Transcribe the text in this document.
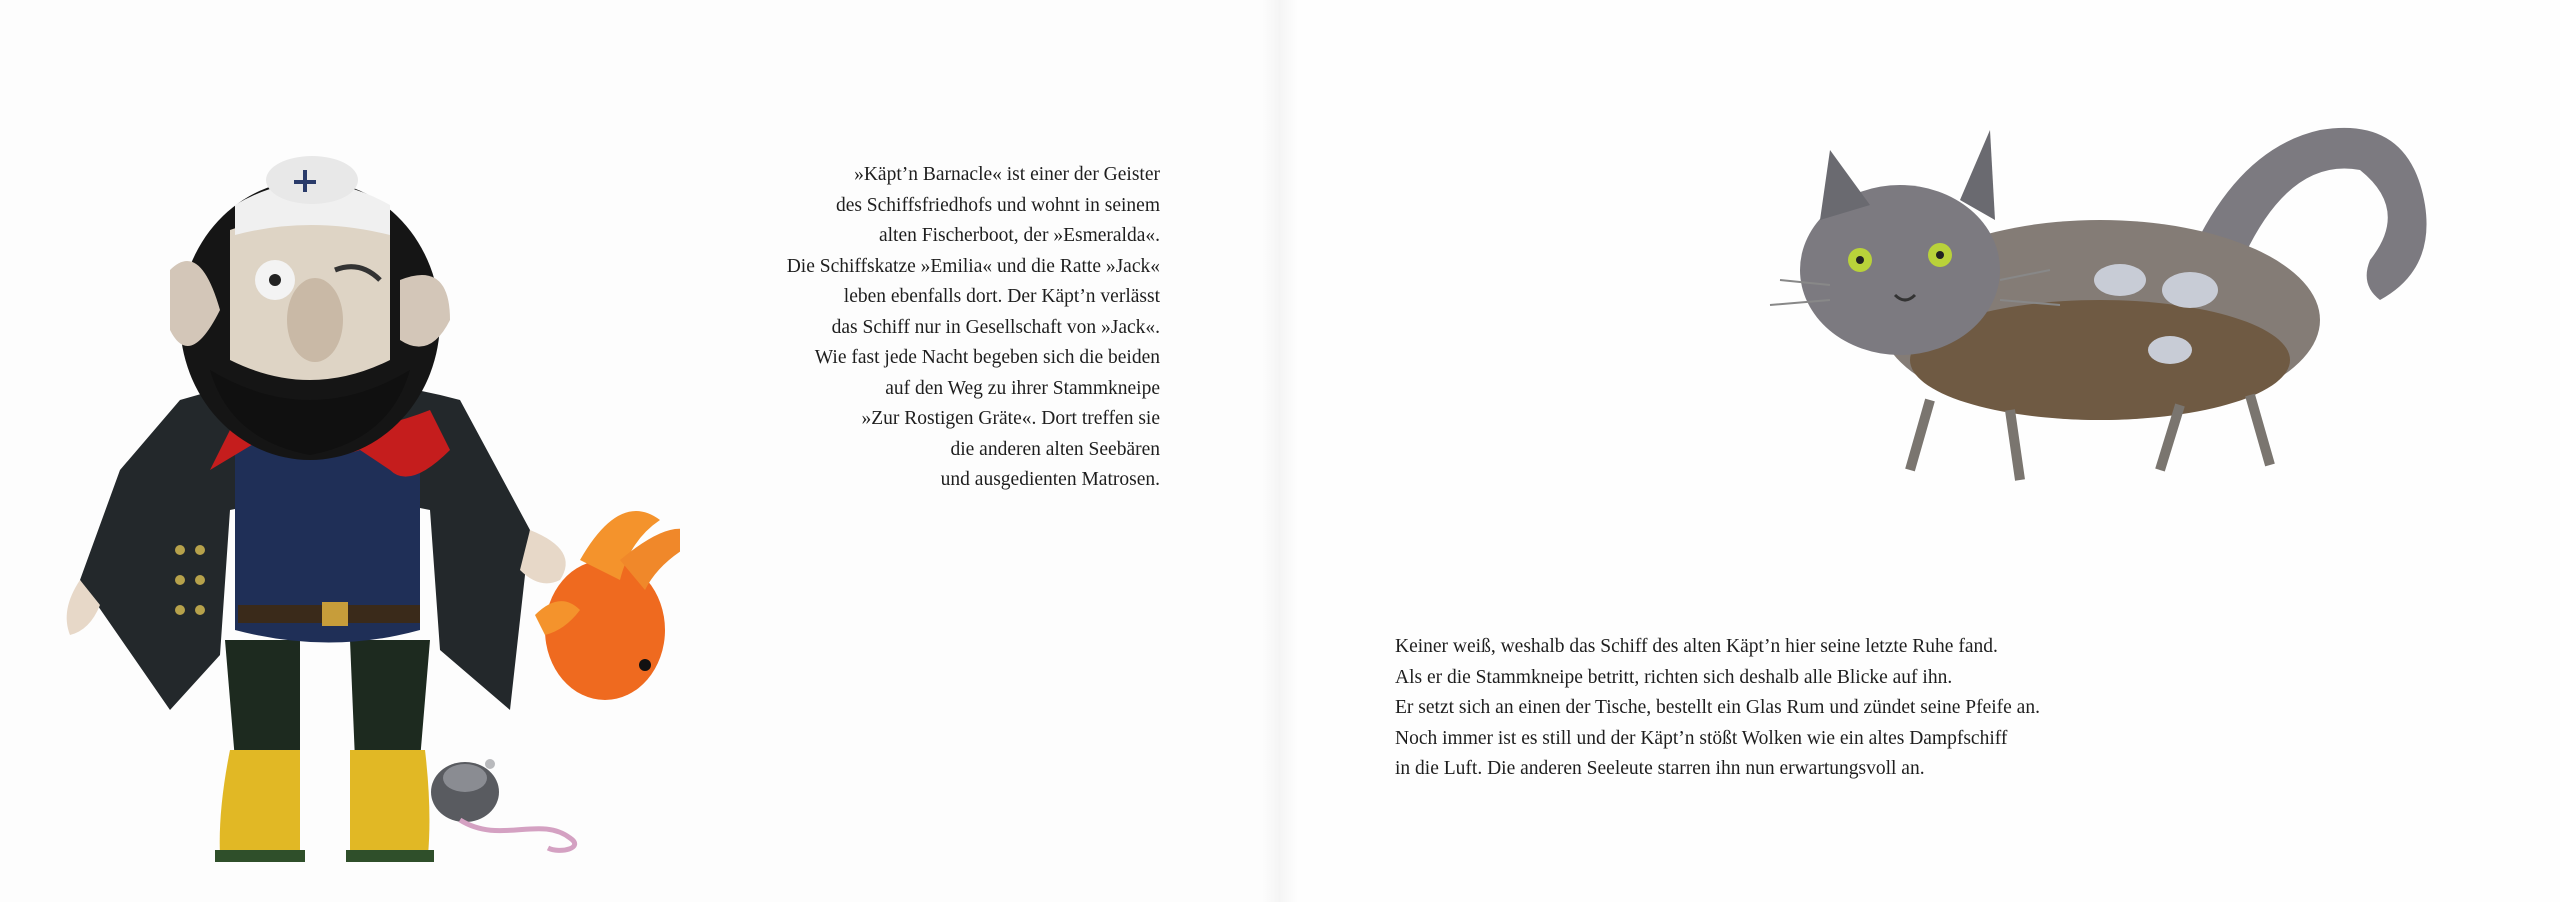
»Käpt’n Barnacle« ist einer der Geister
des Schiffsfriedhofs und wohnt in seinem
alten Fischerboot, der »Esmeralda«.
Die Schiffskatze »Emilia« und die Ratte »Jack«
leben ebenfalls dort. Der Käpt’n verlässt
das Schiff nur in Gesellschaft von »Jack«.
Wie fast jede Nacht begeben sich die beiden
auf den Weg zu ihrer Stammkneipe
»Zur Rostigen Gräte«. Dort treffen sie
die anderen alten Seebären
und ausgedienten Matrosen.
Keiner weiß, weshalb das Schiff des alten Käpt’n hier seine letzte Ruhe fand.
Als er die Stammkneipe betritt, richten sich deshalb alle Blicke auf ihn.
Er setzt sich an einen der Tische, bestellt ein Glas Rum und zündet seine Pfeife an.
Noch immer ist es still und der Käpt’n stößt Wolken wie ein altes Dampfschiff
in die Luft. Die anderen Seeleute starren ihn nun erwartungsvoll an.
